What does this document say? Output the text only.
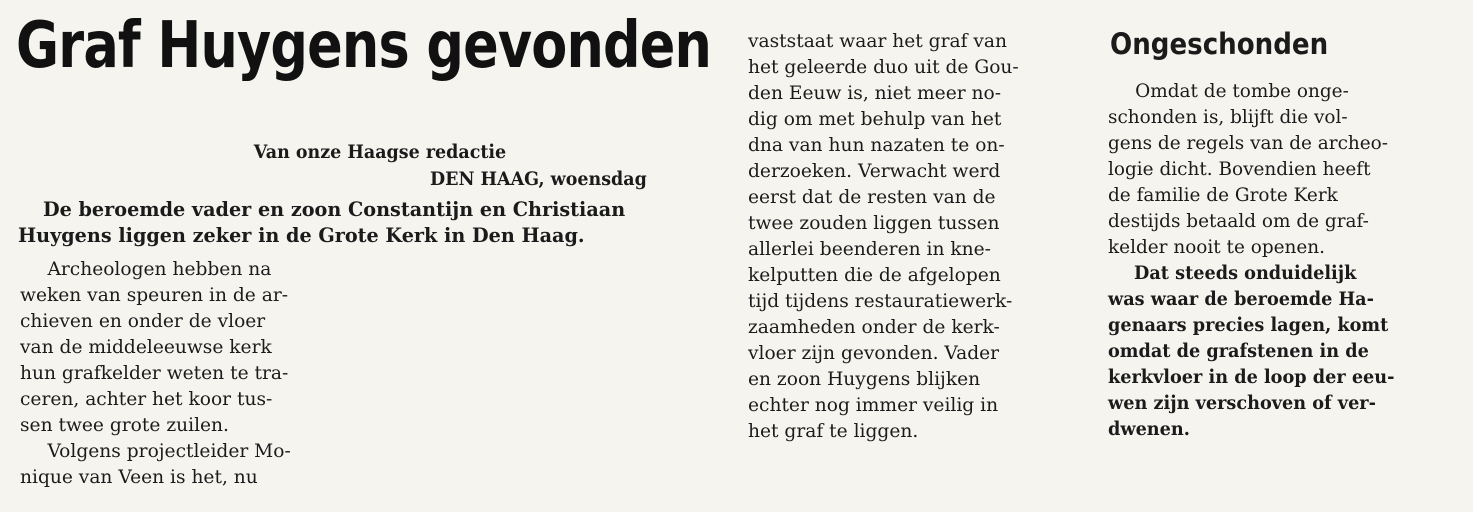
Graf Huygens gevonden
Van onze Haagse redactie
DEN HAAG, woensdag
De beroemde vader en zoon Constantijn en Christiaan
Huygens liggen zeker in de Grote Kerk in Den Haag.
Archeologen hebben na
weken van speuren in de ar-
chieven en onder de vloer
van de middeleeuwse kerk
hun grafkelder weten te tra-
ceren, achter het koor tus-
sen twee grote zuilen.
Volgens projectleider Mo-
nique van Veen is het, nu
vaststaat waar het graf van
het geleerde duo uit de Gou-
den Eeuw is, niet meer no-
dig om met behulp van het
dna van hun nazaten te on-
derzoeken. Verwacht werd
eerst dat de resten van de
twee zouden liggen tussen
allerlei beenderen in kne-
kelputten die de afgelopen
tijd tijdens restauratiewerk-
zaamheden onder de kerk-
vloer zijn gevonden. Vader
en zoon Huygens blijken
echter nog immer veilig in
het graf te liggen.
Ongeschonden
Omdat de tombe onge-
schonden is, blijft die vol-
gens de regels van de archeo-
logie dicht. Bovendien heeft
de familie de Grote Kerk
destijds betaald om de graf-
kelder nooit te openen.
Dat steeds onduidelijk
was waar de beroemde Ha-
genaars precies lagen, komt
omdat de grafstenen in de
kerkvloer in de loop der eeu-
wen zijn verschoven of ver-
dwenen.
